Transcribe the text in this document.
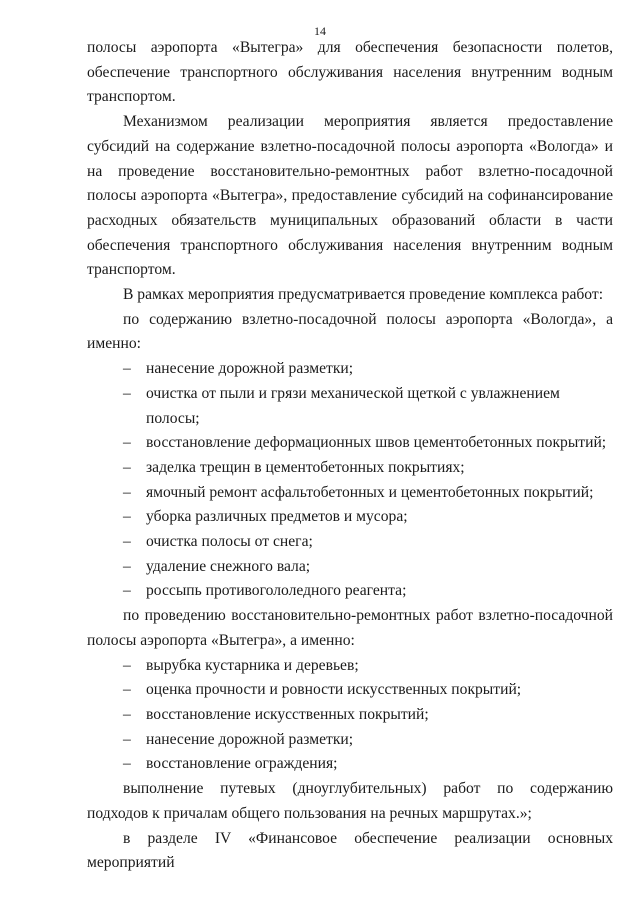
14
полосы аэропорта «Вытегра» для обеспечения безопасности полетов, обеспечение транспортного обслуживания населения внутренним водным транспортом.
Механизмом реализации мероприятия является предоставление субсидий на содержание взлетно-посадочной полосы аэропорта «Вологда» и на проведение восстановительно-ремонтных работ взлетно-посадочной полосы аэропорта «Вытегра», предоставление субсидий на софинансирование расходных обязательств муниципальных образований области в части обеспечения транспортного обслуживания населения внутренним водным транспортом.
В рамках мероприятия предусматривается проведение комплекса работ:
по содержанию взлетно-посадочной полосы аэропорта «Вологда», а именно:
– нанесение дорожной разметки;
– очистка от пыли и грязи механической щеткой с увлажнением полосы;
– восстановление деформационных швов цементобетонных покрытий;
– заделка трещин в цементобетонных покрытиях;
– ямочный ремонт асфальтобетонных и цементобетонных покрытий;
– уборка различных предметов и мусора;
– очистка полосы от снега;
– удаление снежного вала;
– россыпь противогололедного реагента;
по проведению восстановительно-ремонтных работ взлетно-посадочной полосы аэропорта «Вытегра», а именно:
– вырубка кустарника и деревьев;
– оценка прочности и ровности искусственных покрытий;
– восстановление искусственных покрытий;
– нанесение дорожной разметки;
– восстановление ограждения;
выполнение путевых (дноуглубительных) работ по содержанию подходов к причалам общего пользования на речных маршрутах.»;
в разделе IV «Финансовое обеспечение реализации основных мероприятий
